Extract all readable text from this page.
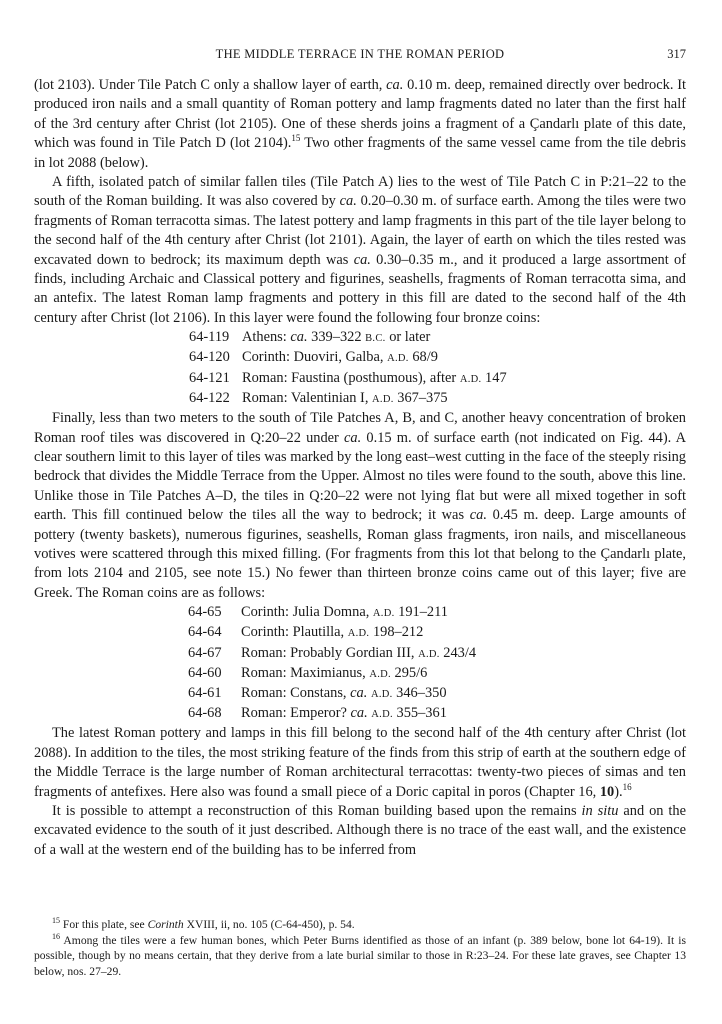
THE MIDDLE TERRACE IN THE ROMAN PERIOD	317

(lot 2103). Under Tile Patch C only a shallow layer of earth, ca. 0.10 m. deep, remained directly over bedrock. It produced iron nails and a small quantity of Roman pottery and lamp fragments dated no later than the first half of the 3rd century after Christ (lot 2105). One of these sherds joins a fragment of a Çandarlı plate of this date, which was found in Tile Patch D (lot 2104).$^{15}$ Two other fragments of the same vessel came from the tile debris in lot 2088 (below).

A fifth, isolated patch of similar fallen tiles (Tile Patch A) lies to the west of Tile Patch C in P:21–22 to the south of the Roman building. It was also covered by ca. 0.20–0.30 m. of surface earth. Among the tiles were two fragments of Roman terracotta simas. The latest pottery and lamp fragments in this part of the tile layer belong to the second half of the 4th century after Christ (lot 2101). Again, the layer of earth on which the tiles rested was excavated down to bedrock; its maximum depth was ca. 0.30–0.35 m., and it produced a large assortment of finds, including Archaic and Classical pottery and figurines, seashells, fragments of Roman terracotta sima, and an antefix. The latest Roman lamp fragments and pottery in this fill are dated to the second half of the 4th century after Christ (lot 2106). In this layer were found the following four bronze coins:

64-119 Athens: ca. 339–322 B.C. or later
64-120 Corinth: Duoviri, Galba, A.D. 68/9
64-121 Roman: Faustina (posthumous), after A.D. 147
64-122 Roman: Valentinian I, A.D. 367–375

Finally, less than two meters to the south of Tile Patches A, B, and C, another heavy concentration of broken Roman roof tiles was discovered in Q:20–22 under ca. 0.15 m. of surface earth (not indicated on Fig. 44). A clear southern limit to this layer of tiles was marked by the long east–west cutting in the face of the steeply rising bedrock that divides the Middle Terrace from the Upper. Almost no tiles were found to the south, above this line. Unlike those in Tile Patches A–D, the tiles in Q:20–22 were not lying flat but were all mixed together in soft earth. This fill continued below the tiles all the way to bedrock; it was ca. 0.45 m. deep. Large amounts of pottery (twenty baskets), numerous figurines, seashells, Roman glass fragments, iron nails, and miscellaneous votives were scattered through this mixed filling. (For fragments from this lot that belong to the Çandarlı plate, from lots 2104 and 2105, see note 15.) No fewer than thirteen bronze coins came out of this layer; five are Greek. The Roman coins are as follows:

64-65	Corinth: Julia Domna, A.D. 191–211
64-64	Corinth: Plautilla, A.D. 198–212
64-67	Roman: Probably Gordian III, A.D. 243/4
64-60	Roman: Maximianus, A.D. 295/6
64-61	Roman: Constans, ca. A.D. 346–350
64-68	Roman: Emperor? ca. A.D. 355–361

The latest Roman pottery and lamps in this fill belong to the second half of the 4th century after Christ (lot 2088). In addition to the tiles, the most striking feature of the finds from this strip of earth at the southern edge of the Middle Terrace is the large number of Roman architectural terracottas: twenty-two pieces of simas and ten fragments of antefixes. Here also was found a small piece of a Doric capital in poros (Chapter 16, 10).$^{16}$

It is possible to attempt a reconstruction of this Roman building based upon the remains in situ and on the excavated evidence to the south of it just described. Although there is no trace of the east wall, and the existence of a wall at the western end of the building has to be inferred from

$^{15}$ For this plate, see Corinth XVIII, ii, no. 105 (C-64-450), p. 54.

$^{16}$ Among the tiles were a few human bones, which Peter Burns identified as those of an infant (p. 389 below, bone lot 64-19). It is possible, though by no means certain, that they derive from a late burial similar to those in R:23–24. For these late graves, see Chapter 13 below, nos. 27–29.
